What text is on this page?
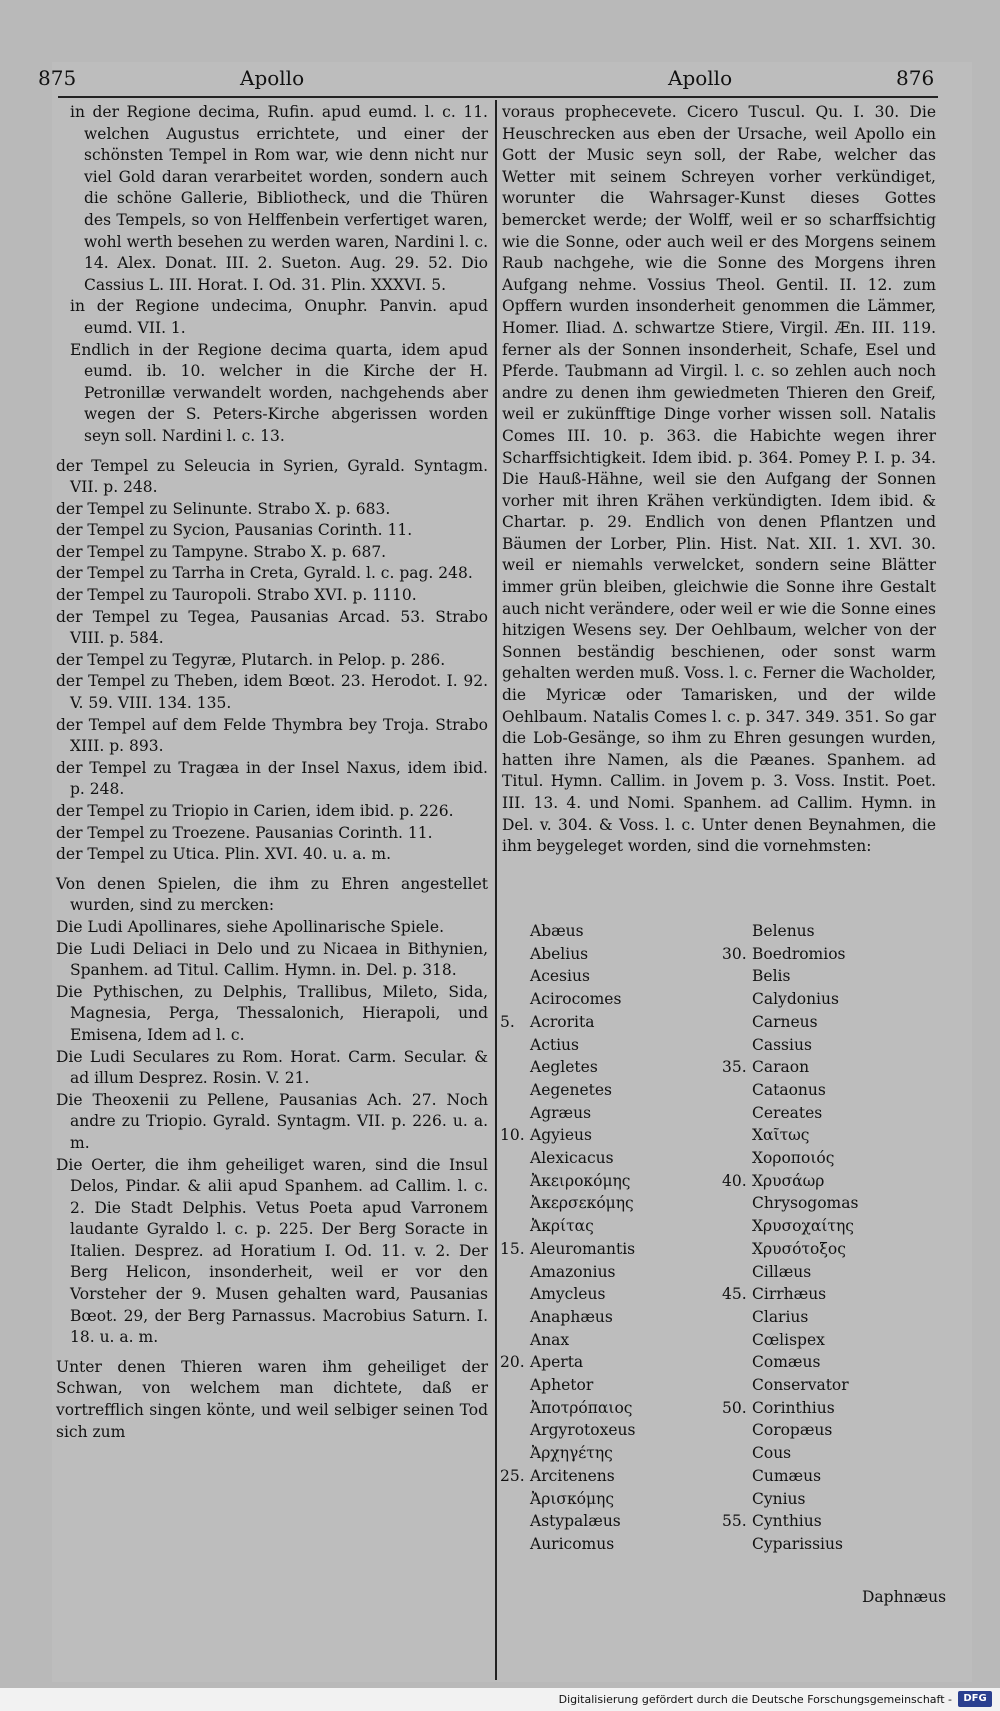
875	Apollo	Apollo	876

in der Regione decima, Rufin. apud eumd. l. c. 11. welchen Augustus errichtete, und einer der schönsten Tempel in Rom war, wie denn nicht nur viel Gold daran verarbeitet worden, sondern auch die schöne Gallerie, Bibliotheck, und die Thüren des Tempels, so von Helffenbein verfertiget waren, wohl werth besehen zu werden waren, Nardini l. c. 14. Alex. Donat. III. 2. Sueton. Aug. 29. 52. Dio Cassius L. III. Horat. I. Od. 31. Plin. XXXVI. 5.

in der Regione undecima, Onuphr. Panvin. apud eumd. VII. 1.

Endlich in der Regione decima quarta, idem apud eumd. ib. 10. welcher in die Kirche der H. Petronillæ verwandelt worden, nachgehends aber wegen der S. Peters-Kirche abgerissen worden seyn soll. Nardini l. c. 13.

der Tempel zu Seleucia in Syrien, Gyrald. Syntagm. VII. p. 248.

der Tempel zu Selinunte. Strabo X. p. 683.

der Tempel zu Sycion, Pausanias Corinth. 11.

der Tempel zu Tampyne. Strabo X. p. 687.

der Tempel zu Tarrha in Creta, Gyrald. l. c. pag. 248.

der Tempel zu Tauropoli. Strabo XVI. p. 1110.

der Tempel zu Tegea, Pausanias Arcad. 53. Strabo VIII. p. 584.

der Tempel zu Tegyræ, Plutarch. in Pelop. p. 286.

der Tempel zu Theben, idem Bœot. 23. Herodot. I. 92. V. 59. VIII. 134. 135.

der Tempel auf dem Felde Thymbra bey Troja. Strabo XIII. p. 893.

der Tempel zu Tragæa in der Insel Naxus, idem ibid. p. 248.

der Tempel zu Triopio in Carien, idem ibid. p. 226.

der Tempel zu Troezene. Pausanias Corinth. 11.

der Tempel zu Utica. Plin. XVI. 40. u. a. m.

Von denen Spielen, die ihm zu Ehren angestellet wurden, sind zu mercken:

Die Ludi Apollinares, siehe Apollinarische Spiele.

Die Ludi Deliaci in Delo und zu Nicaea in Bithynien, Spanhem. ad Titul. Callim. Hymn. in. Del. p. 318.

Die Pythischen, zu Delphis, Trallibus, Mileto, Sida, Magnesia, Perga, Thessalonich, Hierapoli, und Emisena, Idem ad l. c.

Die Ludi Seculares zu Rom. Horat. Carm. Secular. & ad illum Desprez. Rosin. V. 21.

Die Theoxenii zu Pellene, Pausanias Ach. 27. Noch andre zu Triopio. Gyrald. Syntagm. VII. p. 226. u. a. m.

Die Oerter, die ihm geheiliget waren, sind die Insul Delos, Pindar. & alii apud Spanhem. ad Callim. l. c. 2. Die Stadt Delphis. Vetus Poeta apud Varronem laudante Gyraldo l. c. p. 225. Der Berg Soracte in Italien. Desprez. ad Horatium I. Od. 11. v. 2. Der Berg Helicon, insonderheit, weil er vor den Vorsteher der 9. Musen gehalten ward, Pausanias Bœot. 29, der Berg Parnassus. Macrobius Saturn. I. 18. u. a. m.

Unter denen Thieren waren ihm geheiliget der Schwan, von welchem man dichtete, daß er vortrefflich singen könte, und weil selbiger seinen Tod sich zum

voraus prophecevete. Cicero Tuscul. Qu. I. 30. Die Heuschrecken aus eben der Ursache, weil Apollo ein Gott der Music seyn soll, der Rabe, welcher das Wetter mit seinem Schreyen vorher verkündiget, worunter die Wahrsager-Kunst dieses Gottes bemercket werde; der Wolff, weil er so scharffsichtig wie die Sonne, oder auch weil er des Morgens seinem Raub nachgehe, wie die Sonne des Morgens ihren Aufgang nehme. Vossius Theol. Gentil. II. 12. zum Opffern wurden insonderheit genommen die Lämmer, Homer. Iliad. Δ. schwartze Stiere, Virgil. Æn. III. 119. ferner als der Sonnen insonderheit, Schafe, Esel und Pferde. Taubmann ad Virgil. l. c. so zehlen auch noch andre zu denen ihm gewiedmeten Thieren den Greif, weil er zukünfftige Dinge vorher wissen soll. Natalis Comes III. 10. p. 363. die Habichte wegen ihrer Scharffsichtigkeit. Idem ibid. p. 364. Pomey P. I. p. 34. Die Hauß-Hähne, weil sie den Aufgang der Sonnen vorher mit ihren Krähen verkündigten. Idem ibid. & Chartar. p. 29. Endlich von denen Pflantzen und Bäumen der Lorber, Plin. Hist. Nat. XII. 1. XVI. 30. weil er niemahls verwelcket, sondern seine Blätter immer grün bleiben, gleichwie die Sonne ihre Gestalt auch nicht verändere, oder weil er wie die Sonne eines hitzigen Wesens sey. Der Oehlbaum, welcher von der Sonnen beständig beschienen, oder sonst warm gehalten werden muß. Voss. l. c. Ferner die Wacholder, die Myricæ oder Tamarisken, und der wilde Oehlbaum. Natalis Comes l. c. p. 347. 349. 351. So gar die Lob-Gesänge, so ihm zu Ehren gesungen wurden, hatten ihre Namen, als die Pæanes. Spanhem. ad Titul. Hymn. Callim. in Jovem p. 3. Voss. Instit. Poet. III. 13. 4. und Nomi. Spanhem. ad Callim. Hymn. in Del. v. 304. & Voss. l. c. Unter denen Beynahmen, die ihm beygeleget worden, sind die vornehmsten:

Abæus
Abelius
Acesius
Acirocomes
5. Acrorita
Actius
Aegletes
Aegenetes
Agræus
10. Agyieus
Alexicacus
Ἀκειροκόμης
Ἀκερσεκόμης
Ἀκρίτας
15. Aleuromantis
Amazonius
Amycleus
Anaphæus
Anax
20. Aperta
Aphetor
Ἀποτρόπαιος
Argyrotoxeus
Ἀρχηγέτης
25. Arcitenens
Ἀρισκόμης
Astypalæus
Auricomus
Belenus
30. Boedromios
Belis
Calydonius
Carneus
Cassius
35. Caraon
Cataonus
Cereates
Χαῖτως
Χοροποιός
40. Χρυσάωρ
Chrysogomas
Χρυσοχαίτης
Χρυσότοξος
Cillæus
45. Cirrhæus
Clarius
Cœlispex
Comæus
Conservator
50. Corinthius
Coropæus
Cous
Cumæus
Cynius
55. Cynthius
Cyparissius
Daphnæus
Digitalisierung gefördert durch die Deutsche Forschungsgemeinschaft -	DFG
